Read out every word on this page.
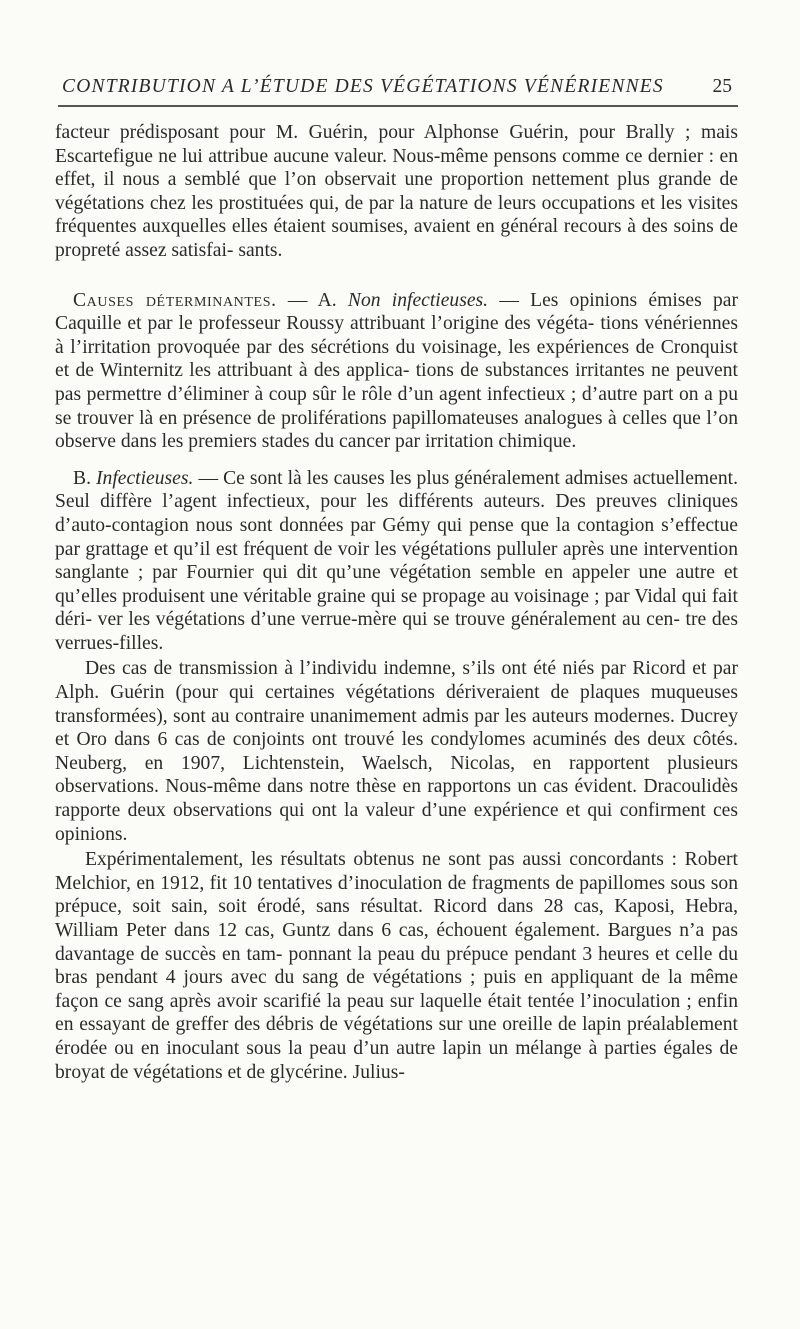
CONTRIBUTION A L’ÉTUDE DES VÉGÉTATIONS VÉNÉRIENNES 25

facteur prédisposant pour M. Guérin, pour Alphonse Guérin, pour Brally ; mais Escartefigue ne lui attribue aucune valeur. Nous-même pensons comme ce dernier : en effet, il nous a semblé que l’on observait une proportion nettement plus grande de végétations chez les prostituées qui, de par la nature de leurs occupations et les visites fréquentes auxquelles elles étaient soumises, avaient en général recours à des soins de propreté assez satisfai- sants.

Causes déterminantes. — A. Non infectieuses. — Les opinions émises par Caquille et par le professeur Roussy attribuant l’origine des végéta- tions vénériennes à l’irritation provoquée par des sécrétions du voisinage, les expériences de Cronquist et de Winternitz les attribuant à des applica- tions de substances irritantes ne peuvent pas permettre d’éliminer à coup sûr le rôle d’un agent infectieux ; d’autre part on a pu se trouver là en présence de proliférations papillomateuses analogues à celles que l’on observe dans les premiers stades du cancer par irritation chimique.

B. Infectieuses. — Ce sont là les causes les plus généralement admises actuellement. Seul diffère l’agent infectieux, pour les différents auteurs. Des preuves cliniques d’auto-contagion nous sont données par Gémy qui pense que la contagion s’effectue par grattage et qu’il est fréquent de voir les végétations pulluler après une intervention sanglante ; par Fournier qui dit qu’une végétation semble en appeler une autre et qu’elles produisent une véritable graine qui se propage au voisinage ; par Vidal qui fait déri- ver les végétations d’une verrue-mère qui se trouve généralement au cen- tre des verrues-filles.

Des cas de transmission à l’individu indemne, s’ils ont été niés par Ricord et par Alph. Guérin (pour qui certaines végétations dériveraient de plaques muqueuses transformées), sont au contraire unanimement admis par les auteurs modernes. Ducrey et Oro dans 6 cas de conjoints ont trouvé les condylomes acuminés des deux côtés. Neuberg, en 1907, Lichtenstein, Waelsch, Nicolas, en rapportent plusieurs observations. Nous-même dans notre thèse en rapportons un cas évident. Dracoulidès rapporte deux observations qui ont la valeur d’une expérience et qui confirment ces opinions.

Expérimentalement, les résultats obtenus ne sont pas aussi concordants : Robert Melchior, en 1912, fit 10 tentatives d’inoculation de fragments de papillomes sous son prépuce, soit sain, soit érodé, sans résultat. Ricord dans 28 cas, Kaposi, Hebra, William Peter dans 12 cas, Guntz dans 6 cas, échouent également. Bargues n’a pas davantage de succès en tam- ponnant la peau du prépuce pendant 3 heures et celle du bras pendant 4 jours avec du sang de végétations ; puis en appliquant de la même façon ce sang après avoir scarifié la peau sur laquelle était tentée l’inoculation ; enfin en essayant de greffer des débris de végétations sur une oreille de lapin préalablement érodée ou en inoculant sous la peau d’un autre lapin un mélange à parties égales de broyat de végétations et de glycérine. Julius-
